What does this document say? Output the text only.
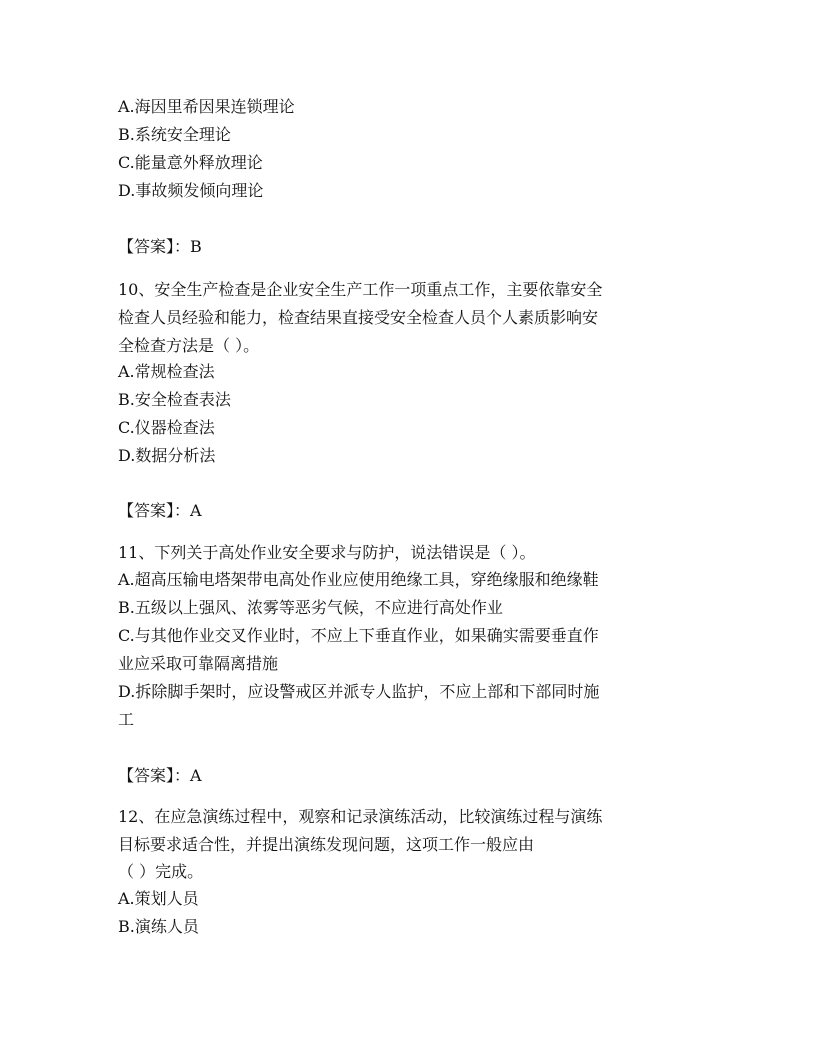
A.海因里希因果连锁理论
B.系统安全理论
C.能量意外释放理论
D.事故频发倾向理论
【答案】：B
10、安全生产检查是企业安全生产工作一项重点工作，主要依靠安全
检查人员经验和能力，检查结果直接受安全检查人员个人素质影响安
全检查方法是（ ）。
A.常规检查法
B.安全检查表法
C.仪器检查法
D.数据分析法
【答案】：A
11、下列关于高处作业安全要求与防护，说法错误是（ ）。
A.超高压输电塔架带电高处作业应使用绝缘工具，穿绝缘服和绝缘鞋
B.五级以上强风、浓雾等恶劣气候，不应进行高处作业
C.与其他作业交叉作业时，不应上下垂直作业，如果确实需要垂直作
业应采取可靠隔离措施
D.拆除脚手架时，应设警戒区并派专人监护，不应上部和下部同时施
工
【答案】：A
12、在应急演练过程中，观察和记录演练活动，比较演练过程与演练
目标要求适合性，并提出演练发现问题，这项工作一般应由
（ ）完成。
A.策划人员
B.演练人员
